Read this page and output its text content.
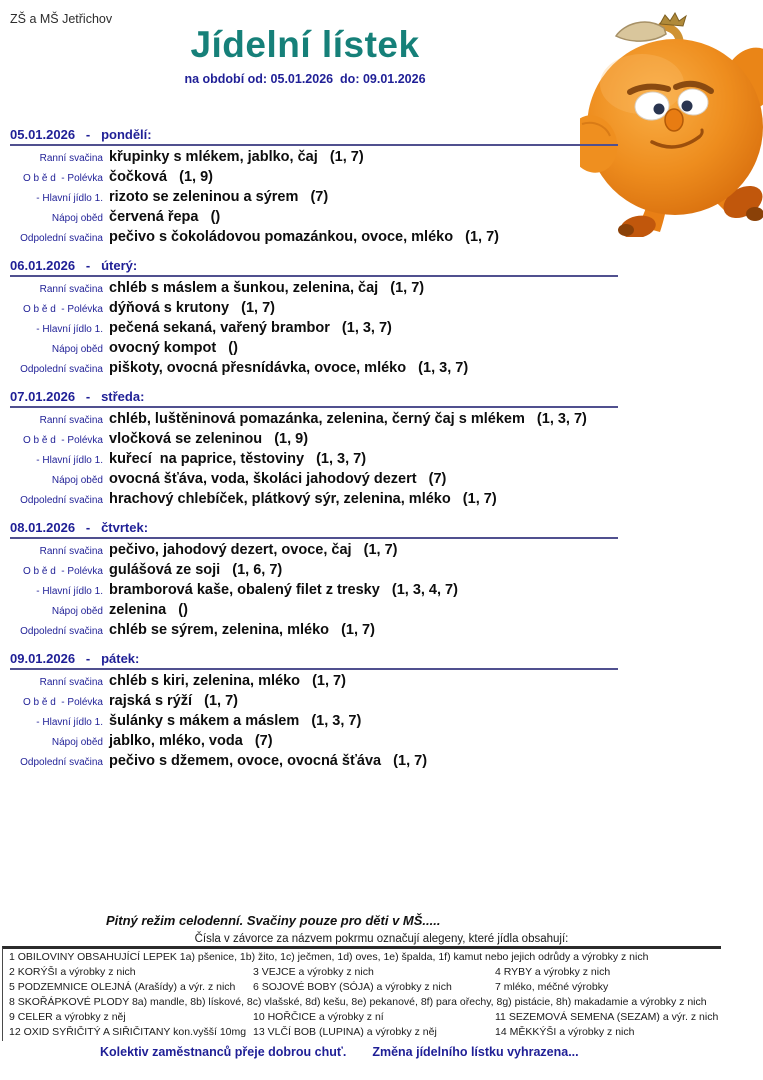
ZŠ a MŠ Jetřichov
Jídelní lístek
na období od: 05.01.2026  do: 09.01.2026
05.01.2026   -   pondělí:
Ranní svačina křupinky s mlékem, jablko, čaj   (1, 7)
O b ě d  - Polévka čočková   (1, 9)
- Hlavní jídlo 1. rizoto se zeleninou a sýrem   (7)
Nápoj oběd červená řepa   ()
Odpolední svačina pečivo s čokoládovou pomazánkou, ovoce, mléko   (1, 7)
06.01.2026   -   úterý:
Ranní svačina chléb s máslem a šunkou, zelenina, čaj   (1, 7)
O b ě d  - Polévka dýňová s krutony   (1, 7)
- Hlavní jídlo 1. pečená sekaná, vařený brambor   (1, 3, 7)
Nápoj oběd ovocný kompot   ()
Odpolední svačina piškoty, ovocná přesnídávka, ovoce, mléko   (1, 3, 7)
07.01.2026   -   středa:
Ranní svačina chléb, luštěninová pomazánka, zelenina, černý čaj s mlékem   (1, 3, 7)
O b ě d  - Polévka vločková se zeleninou   (1, 9)
- Hlavní jídlo 1. kuřecí  na paprice, těstoviny   (1, 3, 7)
Nápoj oběd ovocná šťáva, voda, školáci jahodový dezert   (7)
Odpolední svačina hrachový chlebíček, plátkový sýr, zelenina, mléko   (1, 7)
08.01.2026   -   čtvrtek:
Ranní svačina pečivo, jahodový dezert, ovoce, čaj   (1, 7)
O b ě d  - Polévka gulášová ze soji   (1, 6, 7)
- Hlavní jídlo 1. bramborová kaše, obalený filet z tresky   (1, 3, 4, 7)
Nápoj oběd zelenina   ()
Odpolední svačina chléb se sýrem, zelenina, mléko   (1, 7)
09.01.2026   -   pátek:
Ranní svačina chléb s kiri, zelenina, mléko   (1, 7)
O b ě d  - Polévka rajská s rýží   (1, 7)
- Hlavní jídlo 1. šulánky s mákem a máslem   (1, 3, 7)
Nápoj oběd jablko, mléko, voda   (7)
Odpolední svačina pečivo s džemem, ovoce, ovocná šťáva   (1, 7)
Pitný režim celodenní. Svačiny pouze pro děti v MŠ.....
Čísla v závorce za názvem pokrmu označují alegeny, které jídla obsahují:
1 OBILOVINY OBSAHUJÍCÍ LEPEK 1a) pšenice, 1b) žito, 1c) ječmen, 1d) oves, 1e) špalda, 1f) kamut nebo jejich odrůdy a výrobky z nich
2 KORÝŠI a výrobky z nich	3 VEJCE a výrobky z nich	4 RYBY a výrobky z nich
5 PODZEMNICE OLEJNÁ (Arašídy) a výr. z nich	6 SOJOVÉ BOBY (SÓJA) a výrobky z nich	7 mléko, méčné výrobky
8 SKOŘÁPKOVÉ PLODY 8a) mandle, 8b) lískové, 8c) vlašské, 8d) kešu, 8e) pekanové, 8f) para ořechy, 8g) pistácie, 8h) makadamie a výrobky z nich
9 CELER a výrobky z něj	10 HOŘČICE a výrobky z ní	11 SEZEMOVÁ SEMENA (SEZAM) a výr. z nich
12 OXID SYŘIČITÝ A SIŘIČITANY kon.vyšší 10mg 13 VLČÍ BOB (LUPINA) a výrobky z něj	14 MĚKKÝŠI a výrobky z nich
Kolektiv zaměstnanců přeje dobrou chuť. Změna jídelního lístku vyhrazena...
